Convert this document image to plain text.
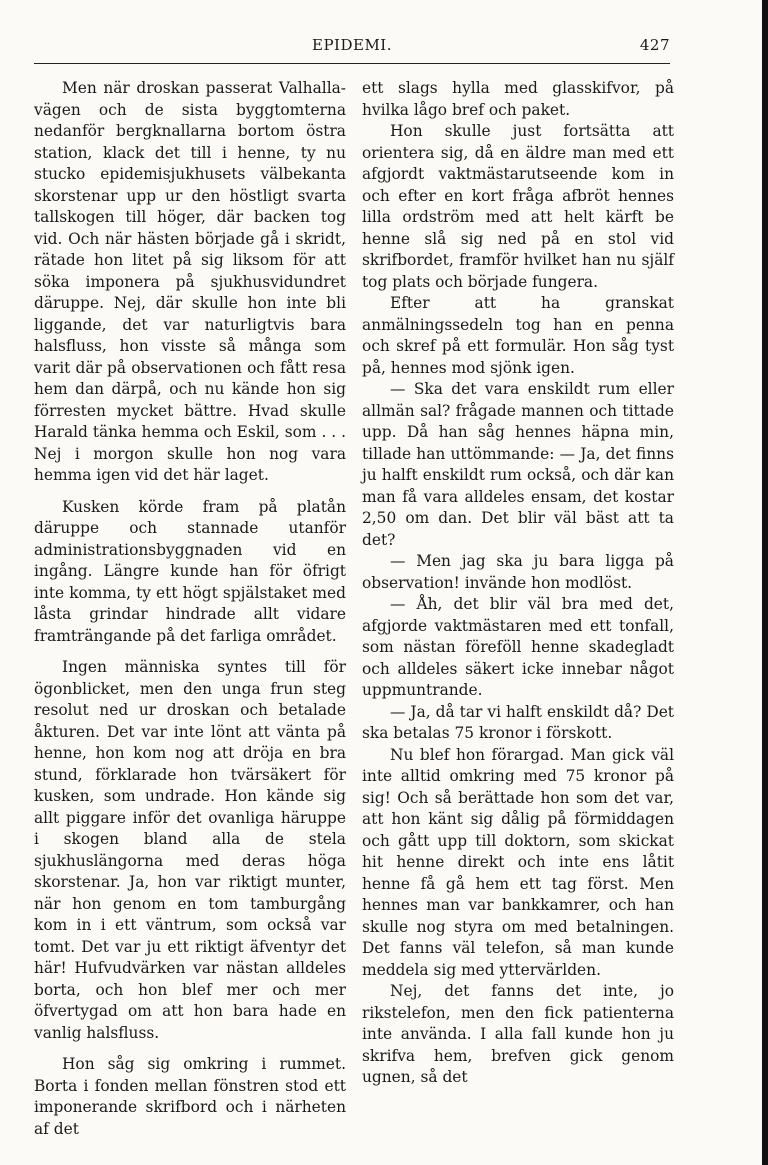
EPIDEMI.	427

Men när droskan passerat Valhalla-vägen och de sista byggtomterna nedanför bergknallarna bortom östra station, klack det till i henne, ty nu stucko epidemisjukhusets välbekanta skorstenar upp ur den höstligt svarta tallskogen till höger, där backen tog vid. Och när hästen började gå i skridt, rätade hon litet på sig liksom för att söka imponera på sjukhusvidundret däruppe. Nej, där skulle hon inte bli liggande, det var naturligtvis bara halsfluss, hon visste så många som varit där på observationen och fått resa hem dan därpå, och nu kände hon sig förresten mycket bättre. Hvad skulle Harald tänka hemma och Eskil, som . . . Nej i morgon skulle hon nog vara hemma igen vid det här laget.

Kusken körde fram på platån däruppe och stannade utanför administrationsbyggnaden vid en ingång. Längre kunde han för öfrigt inte komma, ty ett högt spjälstaket med låsta grindar hindrade allt vidare framträngande på det farliga området.

Ingen människa syntes till för ögonblicket, men den unga frun steg resolut ned ur droskan och betalade åkturen. Det var inte lönt att vänta på henne, hon kom nog att dröja en bra stund, förklarade hon tvärsäkert för kusken, som undrade. Hon kände sig allt piggare inför det ovanliga häruppe i skogen bland alla de stela sjukhuslängorna med deras höga skorstenar. Ja, hon var riktigt munter, när hon genom en tom tamburgång kom in i ett väntrum, som också var tomt. Det var ju ett riktigt äfventyr det här! Hufvudvärken var nästan alldeles borta, och hon blef mer och mer öfvertygad om att hon bara hade en vanlig halsfluss.

Hon såg sig omkring i rummet. Borta i fonden mellan fönstren stod ett imponerande skrifbord och i närheten af det

ett slags hylla med glasskifvor, på hvilka lågo bref och paket.

Hon skulle just fortsätta att orientera sig, då en äldre man med ett afgjordt vaktmästarutseende kom in och efter en kort fråga afbröt hennes lilla ordström med att helt kärft be henne slå sig ned på en stol vid skrifbordet, framför hvilket han nu själf tog plats och började fungera.

Efter att ha granskat anmälningssedeln tog han en penna och skref på ett formulär. Hon såg tyst på, hennes mod sjönk igen.

— Ska det vara enskildt rum eller allmän sal? frågade mannen och tittade upp. Då han såg hennes häpna min, tillade han uttömmande: — Ja, det finns ju halft enskildt rum också, och där kan man få vara alldeles ensam, det kostar 2,50 om dan. Det blir väl bäst att ta det?

— Men jag ska ju bara ligga på observation! invände hon modlöst.

— Åh, det blir väl bra med det, afgjorde vaktmästaren med ett tonfall, som nästan föreföll henne skadegladt och alldeles säkert icke innebar något uppmuntrande.

— Ja, då tar vi halft enskildt då? Det ska betalas 75 kronor i förskott.

Nu blef hon förargad. Man gick väl inte alltid omkring med 75 kronor på sig! Och så berättade hon som det var, att hon känt sig dålig på förmiddagen och gått upp till doktorn, som skickat hit henne direkt och inte ens låtit henne få gå hem ett tag först. Men hennes man var bankkamrer, och han skulle nog styra om med betalningen. Det fanns väl telefon, så man kunde meddela sig med yttervärlden.

Nej, det fanns det inte, jo rikstelefon, men den fick patienterna inte använda. I alla fall kunde hon ju skrifva hem, brefven gick genom ugnen, så det
